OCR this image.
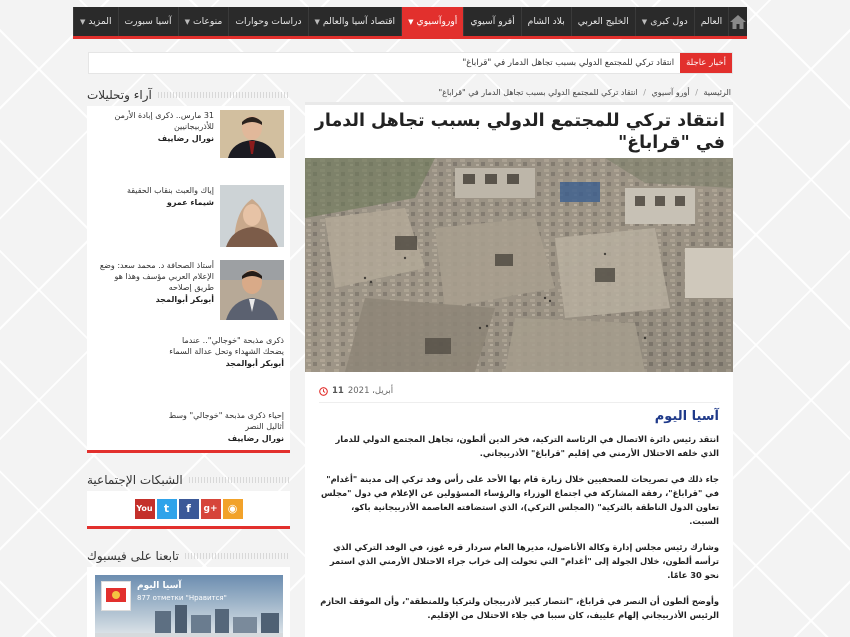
العالم
دول كبرى
▼
الخليج العربي
بلاد الشام
أفرو آسيوي
أوروآسيوي
▼
اقتصاد آسيا والعالم
▼
دراسات وحوارات
منوعات
▼
آسيا سبورت
المزيد
▼
أخبار عاجلة
انتقاد تركي للمجتمع الدولي بسبب تجاهل الدمار في "قراباغ"
الرئيسية / أورو آسيوي / انتقاد تركي للمجتمع الدولي بسبب تجاهل الدمار في "قراباغ"
انتقاد تركي للمجتمع الدولي بسبب تجاهل الدمار في "قراباغ"
أبريل، 2021
11
آسيا اليوم

انتقد رئيس دائرة الاتصال في الرئاسة التركية، فخر الدين ألطون، تجاهل المجتمع الدولي للدمار الذي خلفه الاحتلال الأرمني في إقليم "قراباغ" الأذربيجاني.

جاء ذلك في تصريحات للصحفيين خلال زيارة قام بها الأحد على رأس وفد تركي إلى مدينة "أغدام" في "قراباغ"، رفقة المشاركة في اجتماع الوزراء والرؤساء المسؤولين عن الإعلام في دول "مجلس تعاون الدول الناطقة بالتركية" (المجلس التركي)، الذي استضافته العاصمة الأذربيجانية باكو، السبت.

وشارك رئيس مجلس إدارة وكالة الأناضول، مديرها العام سردار قره غوز، في الوفد التركي الذي ترأسه ألطون، خلال الجولة إلى "أغدام" التي تحولت إلى خراب جراء الاحتلال الأرمني الذي استمر نحو 30 عامًا.

وأوضح ألطون أن النصر في قراباغ، "انتصار كبير لأذربيجان ولتركيا وللمنطقة"، وأن الموقف الحازم الرئيس الأذربيجاني إلهام علييف، كان سببا في جلاء الاحتلال من الإقليم.

آراء وتحليلات
31 مارس.. ذكرى إبادة الأرمن للأذربيجانيين
نورال رضاييف
إياك والعبث بنقاب الحقيقة
شيماء عمرو
أستاذ الصحافة د. محمد سعد: وضع الإعلام العربي مؤسف وهذا هو طريق إصلاحه
أبوبكر أبوالمجد
ذكرى مذبحة "خوجالي".. عندما يضحك الشهداء وتحل عدالة السماء
أبوبكر أبوالمجد
إحياء ذكرى مذبحة "خوجالي" وسط أثاليل النصر
نورال رضاييف
الشبكات الإجتماعية
You	t	f	g+ ◉
تابعنا على فيسبوك
آسيا اليوم
877 отметки "Нравится"
